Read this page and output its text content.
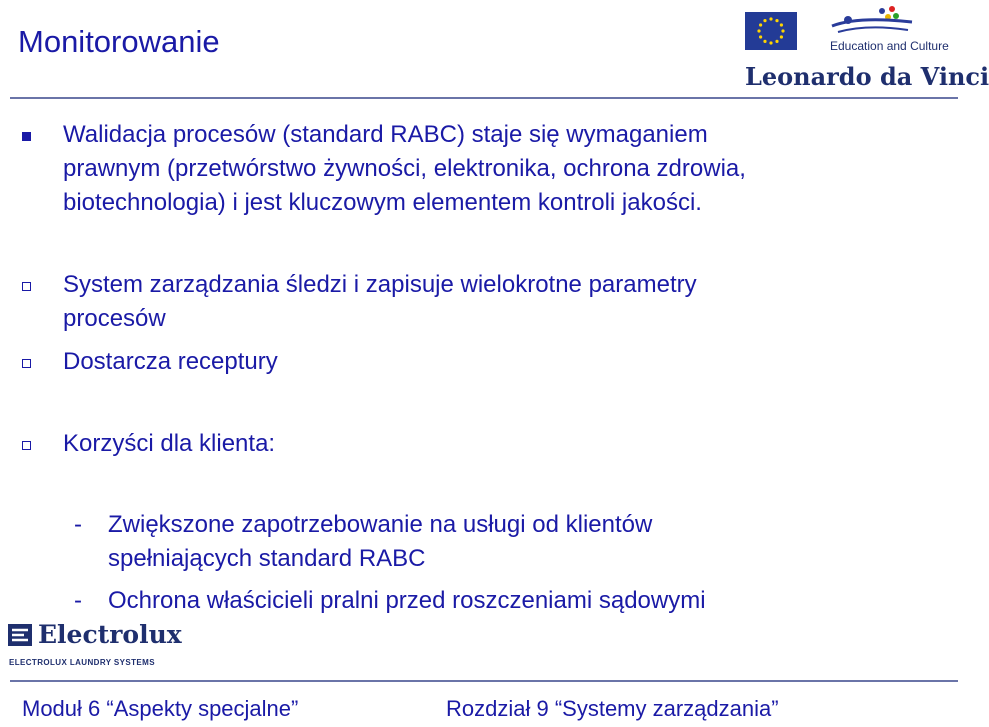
Monitorowanie	Education and Culture
Leonardo da Vinci
Walidacja procesów (standard RABC) staje się wymaganiem
prawnym (przetwórstwo żywności, elektronika, ochrona zdrowia,
biotechnologia) i jest kluczowym elementem kontroli jakości.
System zarządzania śledzi i zapisuje wielokrotne parametry
procesów
Dostarcza receptury
Korzyści dla klienta:
- Zwiększone zapotrzebowanie na usługi od klientów
spełniających standard RABC
- Ochrona właścicieli pralni przed roszczeniami sądowymi
Electrolux
ELECTROLUX LAUNDRY SYSTEMS
Moduł 6 “Aspekty specjalne”	Rozdział 9 “Systemy zarządzania”
